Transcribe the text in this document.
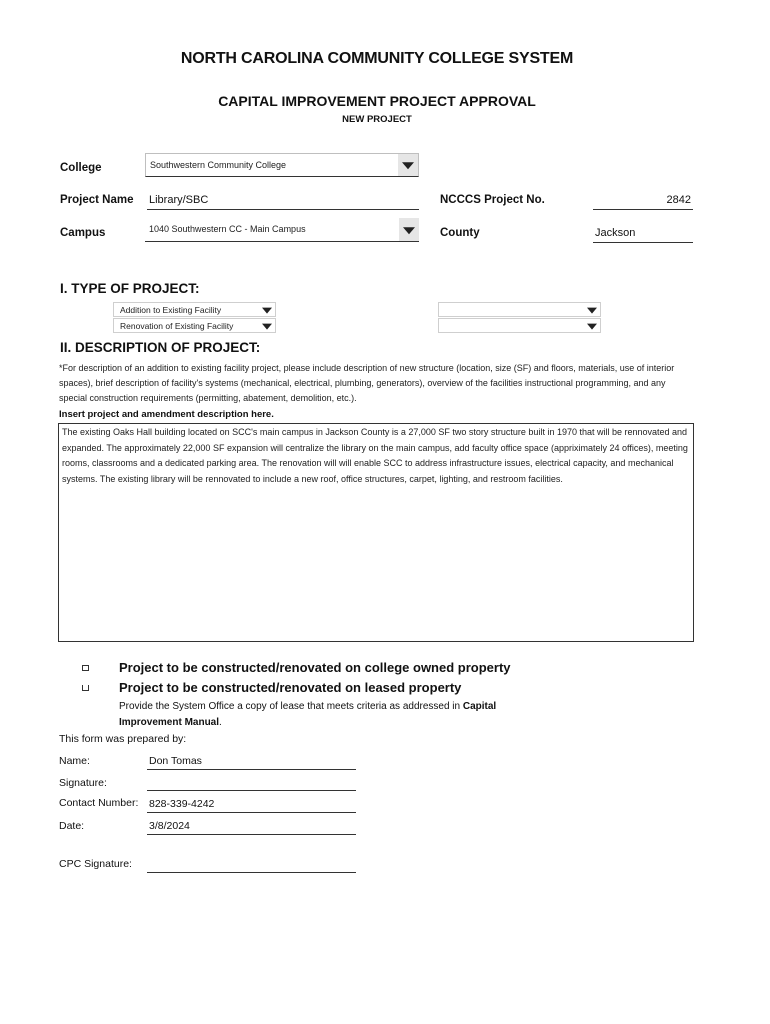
NORTH CAROLINA COMMUNITY COLLEGE SYSTEM
CAPITAL IMPROVEMENT PROJECT APPROVAL
NEW PROJECT
College	Southwestern Community College
Project Name Library/SBC	NCCCS Project No.	2842
Campus	1040 Southwestern CC - Main Campus	County	Jackson
I. TYPE OF PROJECT:
Addition to Existing Facility
Renovation of Existing Facility
II. DESCRIPTION OF PROJECT:
*For description of an addition to existing facility project, please include description of new structure (location, size (SF) and floors, materials, use of interior spaces), brief description of facility's systems (mechanical, electrical, plumbing, generators), overview of the facilities instructional programming, and any special construction requirements (permitting, abatement, demolition, etc.).
Insert project and amendment description here.
The existing Oaks Hall building located on SCC's main campus in Jackson County is a 27,000 SF two story structure built in 1970 that will be rennovated and expanded. The approximately 22,000 SF expansion will centralize the library on the main campus, add faculty office space (appriximately 24 offices), meeting rooms, classrooms and a dedicated parking area. The renovation will will enable SCC to address infrastructure issues, electrical capacity, and mechanical systems. The existing library will be rennovated to include a new roof, office structures, carpet, lighting, and restroom facilities.
Project to be constructed/renovated on college owned property
Project to be constructed/renovated on leased property
Provide the System Office a copy of lease that meets criteria as addressed in Capital
Improvement Manual.
This form was prepared by:
Name:	Don Tomas
Signature:
Contact Number: 828-339-4242
Date:	3/8/2024
CPC Signature:
